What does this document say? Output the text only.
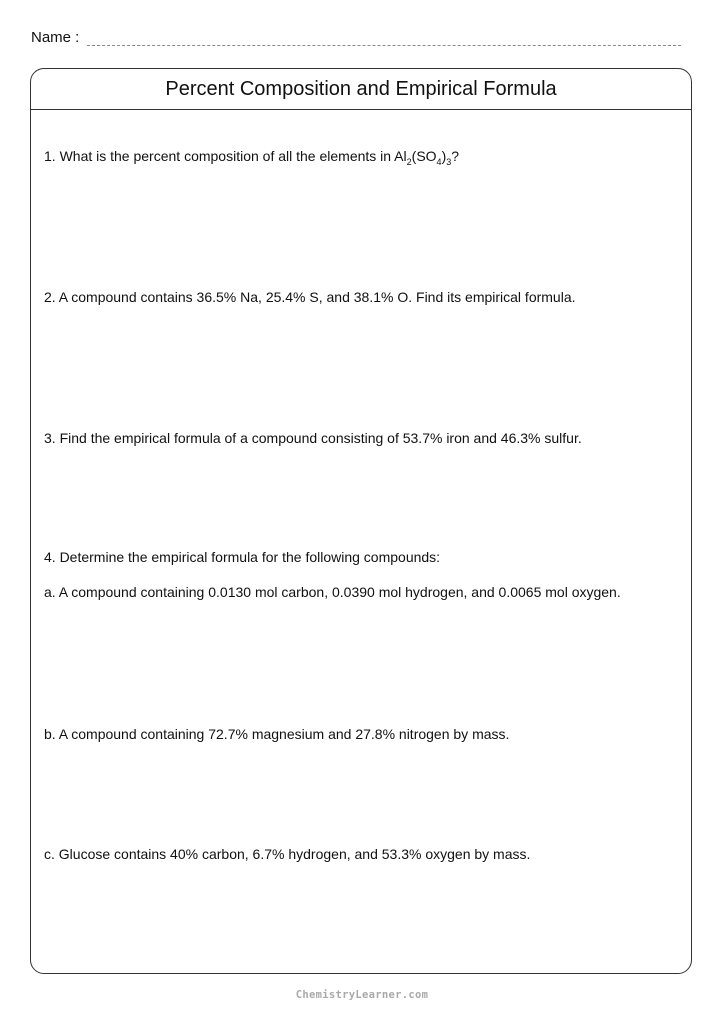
Name :
Percent Composition and Empirical Formula
1. What is the percent composition of all the elements in $Al_2(SO_4)_3$?
2. A compound contains 36.5% Na, 25.4% S, and 38.1% O. Find its empirical formula.
3. Find the empirical formula of a compound consisting of 53.7% iron and 46.3% sulfur.
4. Determine the empirical formula for the following compounds:
a. A compound containing 0.0130 mol carbon, 0.0390 mol hydrogen, and 0.0065 mol oxygen.
b. A compound containing 72.7% magnesium and 27.8% nitrogen by mass.
c. Glucose contains 40% carbon, 6.7% hydrogen, and 53.3% oxygen by mass.
ChemistryLearner.com
